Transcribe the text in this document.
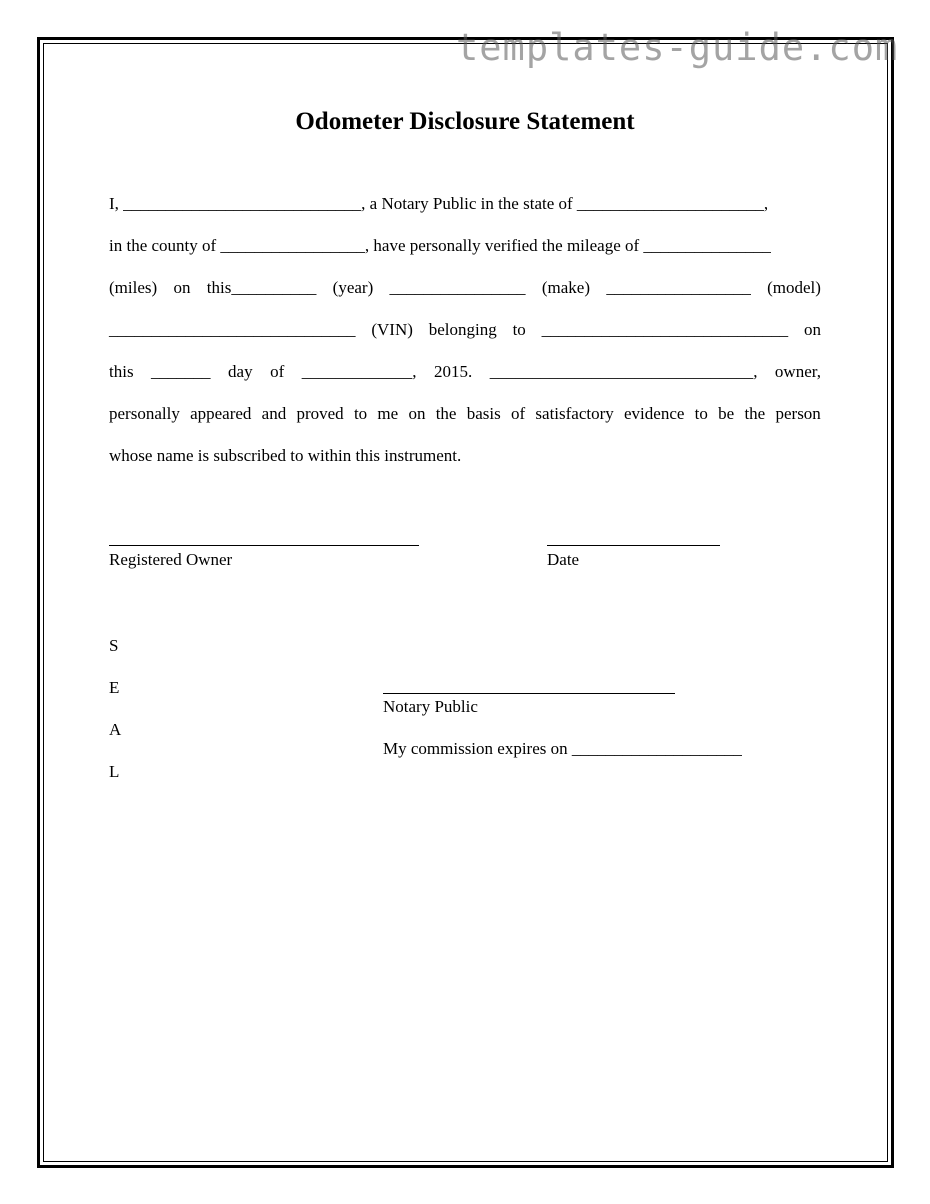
templates-guide.com
Odometer Disclosure Statement
I, ____________________________, a Notary Public in the state of ______________________,
in the county of _________________, have personally verified the mileage of _______________
(miles) on this__________ (year) ________________ (make) _________________ (model)
_____________________________ (VIN) belonging to _____________________________ on
this _______ day of _____________, 2015. _______________________________, owner,
personally appeared and proved to me on the basis of satisfactory evidence to be the person
whose name is subscribed to within this instrument.
Registered Owner	Date
S
E
A
L
Notary Public
My commission expires on ____________________
